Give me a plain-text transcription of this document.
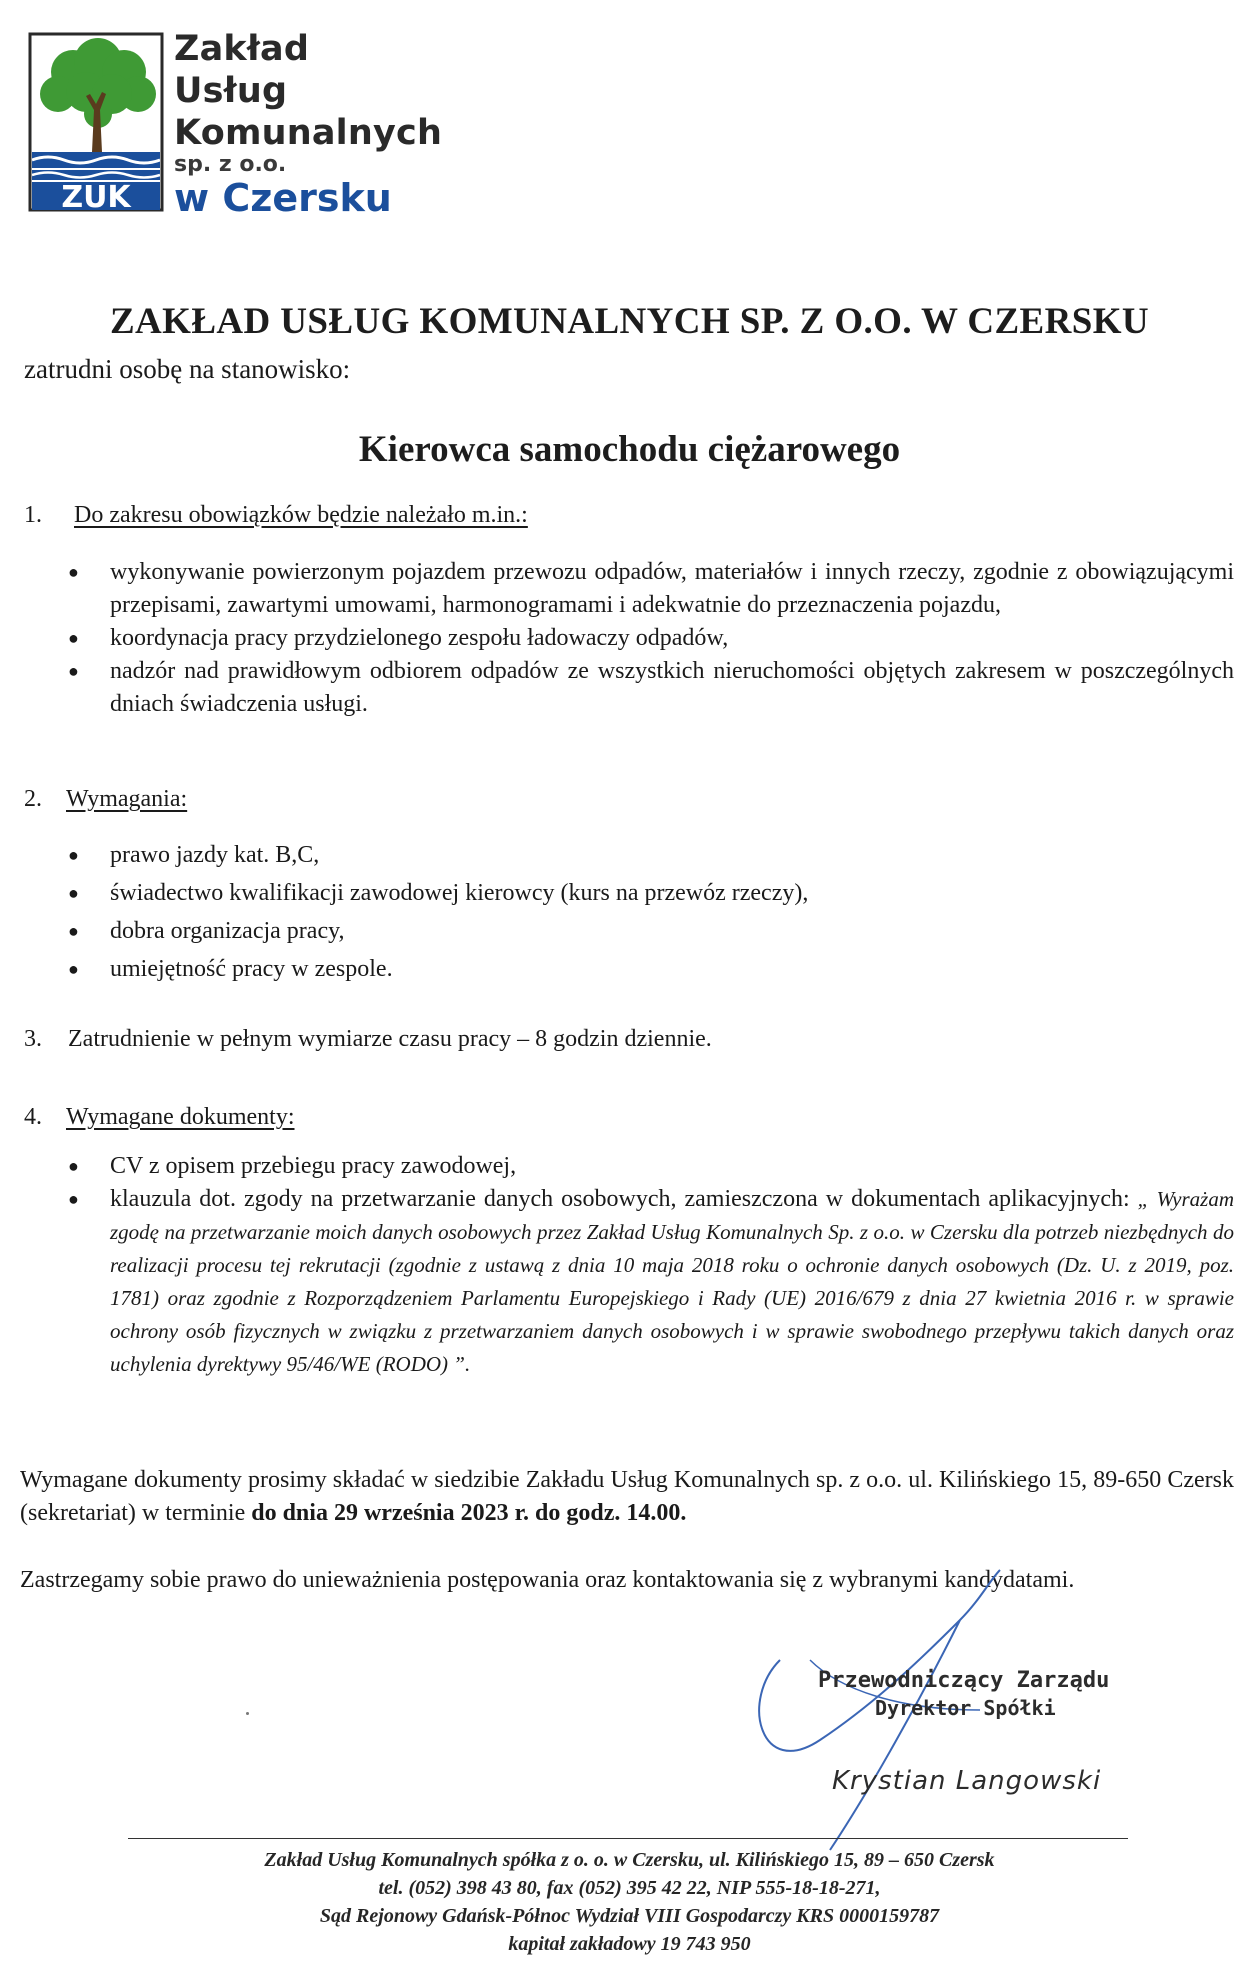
ZUK
Zakład
Usług
Komunalnych
sp. z o.o.
w Czersku
ZAKŁAD USŁUG KOMUNALNYCH SP. Z O.O. W CZERSKU
zatrudni osobę na stanowisko:
Kierowca samochodu ciężarowego
1. Do zakresu obowiązków będzie należało m.in.:
● wykonywanie powierzonym pojazdem przewozu odpadów, materiałów i innych rzeczy, zgodnie z obowiązującymi przepisami, zawartymi umowami, harmonogramami i adekwatnie do przeznaczenia pojazdu,
● koordynacja pracy przydzielonego zespołu ładowaczy odpadów,
● nadzór nad prawidłowym odbiorem odpadów ze wszystkich nieruchomości objętych zakresem w poszczególnych dniach świadczenia usługi.
2. Wymagania:
● prawo jazdy kat. B,C,
● świadectwo kwalifikacji zawodowej kierowcy (kurs na przewóz rzeczy),
● dobra organizacja pracy,
● umiejętność pracy w zespole.
3. Zatrudnienie w pełnym wymiarze czasu pracy – 8 godzin dziennie.
4. Wymagane dokumenty:
● CV z opisem przebiegu pracy zawodowej,
● klauzula dot. zgody na przetwarzanie danych osobowych, zamieszczona w dokumentach aplikacyjnych: „ Wyrażam zgodę na przetwarzanie moich danych osobowych przez Zakład Usług Komunalnych Sp. z o.o. w Czersku dla potrzeb niezbędnych do realizacji procesu tej rekrutacji (zgodnie z ustawą z dnia 10 maja 2018 roku o ochronie danych osobowych (Dz. U. z 2019, poz. 1781) oraz zgodnie z Rozporządzeniem Parlamentu Europejskiego i Rady (UE) 2016/679 z dnia 27 kwietnia 2016 r. w sprawie ochrony osób fizycznych w związku z przetwarzaniem danych osobowych i w sprawie swobodnego przepływu takich danych oraz uchylenia dyrektywy 95/46/WE (RODO) ”.
Wymagane dokumenty prosimy składać w siedzibie Zakładu Usług Komunalnych sp. z o.o. ul. Kilińskiego 15, 89-650 Czersk (sekretariat) w terminie do dnia 29 września 2023 r. do godz. 14.00.
Zastrzegamy sobie prawo do unieważnienia postępowania oraz kontaktowania się z wybranymi kandydatami.
Przewodniczący Zarządu
Dyrektor Spółki
Krystian Langowski
Zakład Usług Komunalnych spółka z o. o. w Czersku, ul. Kilińskiego 15, 89 – 650 Czersk
tel. (052) 398 43 80, fax (052) 395 42 22, NIP 555-18-18-271,
Sąd Rejonowy Gdańsk-Północ Wydział VIII Gospodarczy KRS 0000159787
kapitał zakładowy 19 743 950
